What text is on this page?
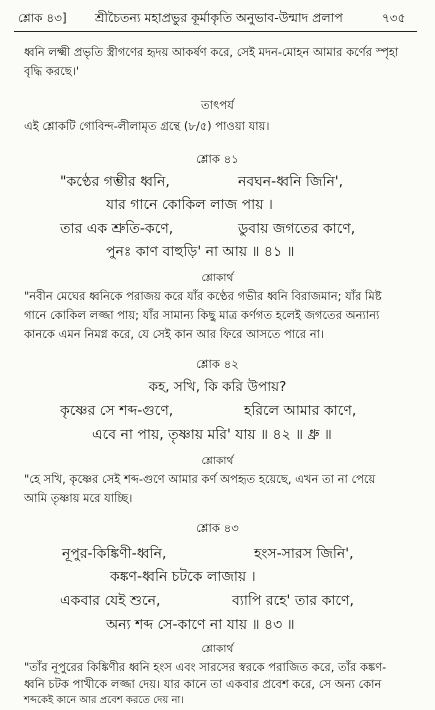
শ্লোক ৪৩] শ্রীচৈতন্য মহাপ্রভুর কূর্মাকৃতি অনুভাব-উন্মাদ প্রলাপ	৭৩৫
ধ্বনি লক্ষ্মী প্রভৃতি স্ত্রীগণের হৃদয় আকর্ষণ করে, সেই মদন-মোহন আমার কর্ণের স্পৃহা
বৃদ্ধি করছে।'
তাৎপর্য
এই শ্লোকটি গোবিন্দ-লীলামৃত গ্রন্থে (৮/৫) পাওয়া যায়।
শ্লোক ৪১
"কণ্ঠের গম্ভীর ধ্বনি,	নবঘন-ধ্বনি জিনি',
যার গানে কোকিল লাজ পায় ।
তার এক শ্রুতি-কণে,	ডুবায় জগতের কাণে,
পুনঃ কাণ বাহুড়ি' না আয় ॥ ৪১ ॥
শ্লোকার্থ
"নবীন মেঘের ধ্বনিকে পরাজয় করে যাঁর কণ্ঠের গভীর ধ্বনি বিরাজমান; যাঁর মিষ্ট
গানে কোকিল লজ্জা পায়; যাঁর সামান্য কিছু মাত্র কর্ণগত হলেই জগতের অন্যান্য
কানকে এমন নিমগ্ন করে, যে সেই কান আর ফিরে আসতে পারে না।
শ্লোক ৪২
কহ, সখি, কি করি উপায়?
কৃষ্ণের সে শব্দ-গুণে,	হরিলে আমার কাণে,
এবে না পায়, তৃষ্ণায় মরি' যায় ॥ ৪২ ॥ ধ্রু ॥
শ্লোকার্থ
"হে সখি, কৃষ্ণের সেই শব্দ-গুণে আমার কর্ণ অপহৃত হয়েছে, এখন তা না পেয়ে
আমি তৃষ্ণায় মরে যাচ্ছি।
শ্লোক ৪৩
নূপুর-কিঙ্কিণী-ধ্বনি,	হংস-সারস জিনি',
কঙ্কণ-ধ্বনি চটকে লাজায় ।
একবার যেই শুনে,	ব্যাপি রহে' তার কাণে,
অন্য শব্দ সে-কাণে না যায় ॥ ৪৩ ॥
শ্লোকার্থ
"তাঁর নূপুরের কিঙ্কিণীর ধ্বনি হংস এবং সারসের স্বরকে পরাজিত করে, তাঁর কঙ্কণ-
ধ্বনি চটক পাখীকে লজ্জা দেয়। যার কানে তা একবার প্রবেশ করে, সে অন্য কোন
শব্দকেই কানে আর প্রবেশ করতে দেয় না।
